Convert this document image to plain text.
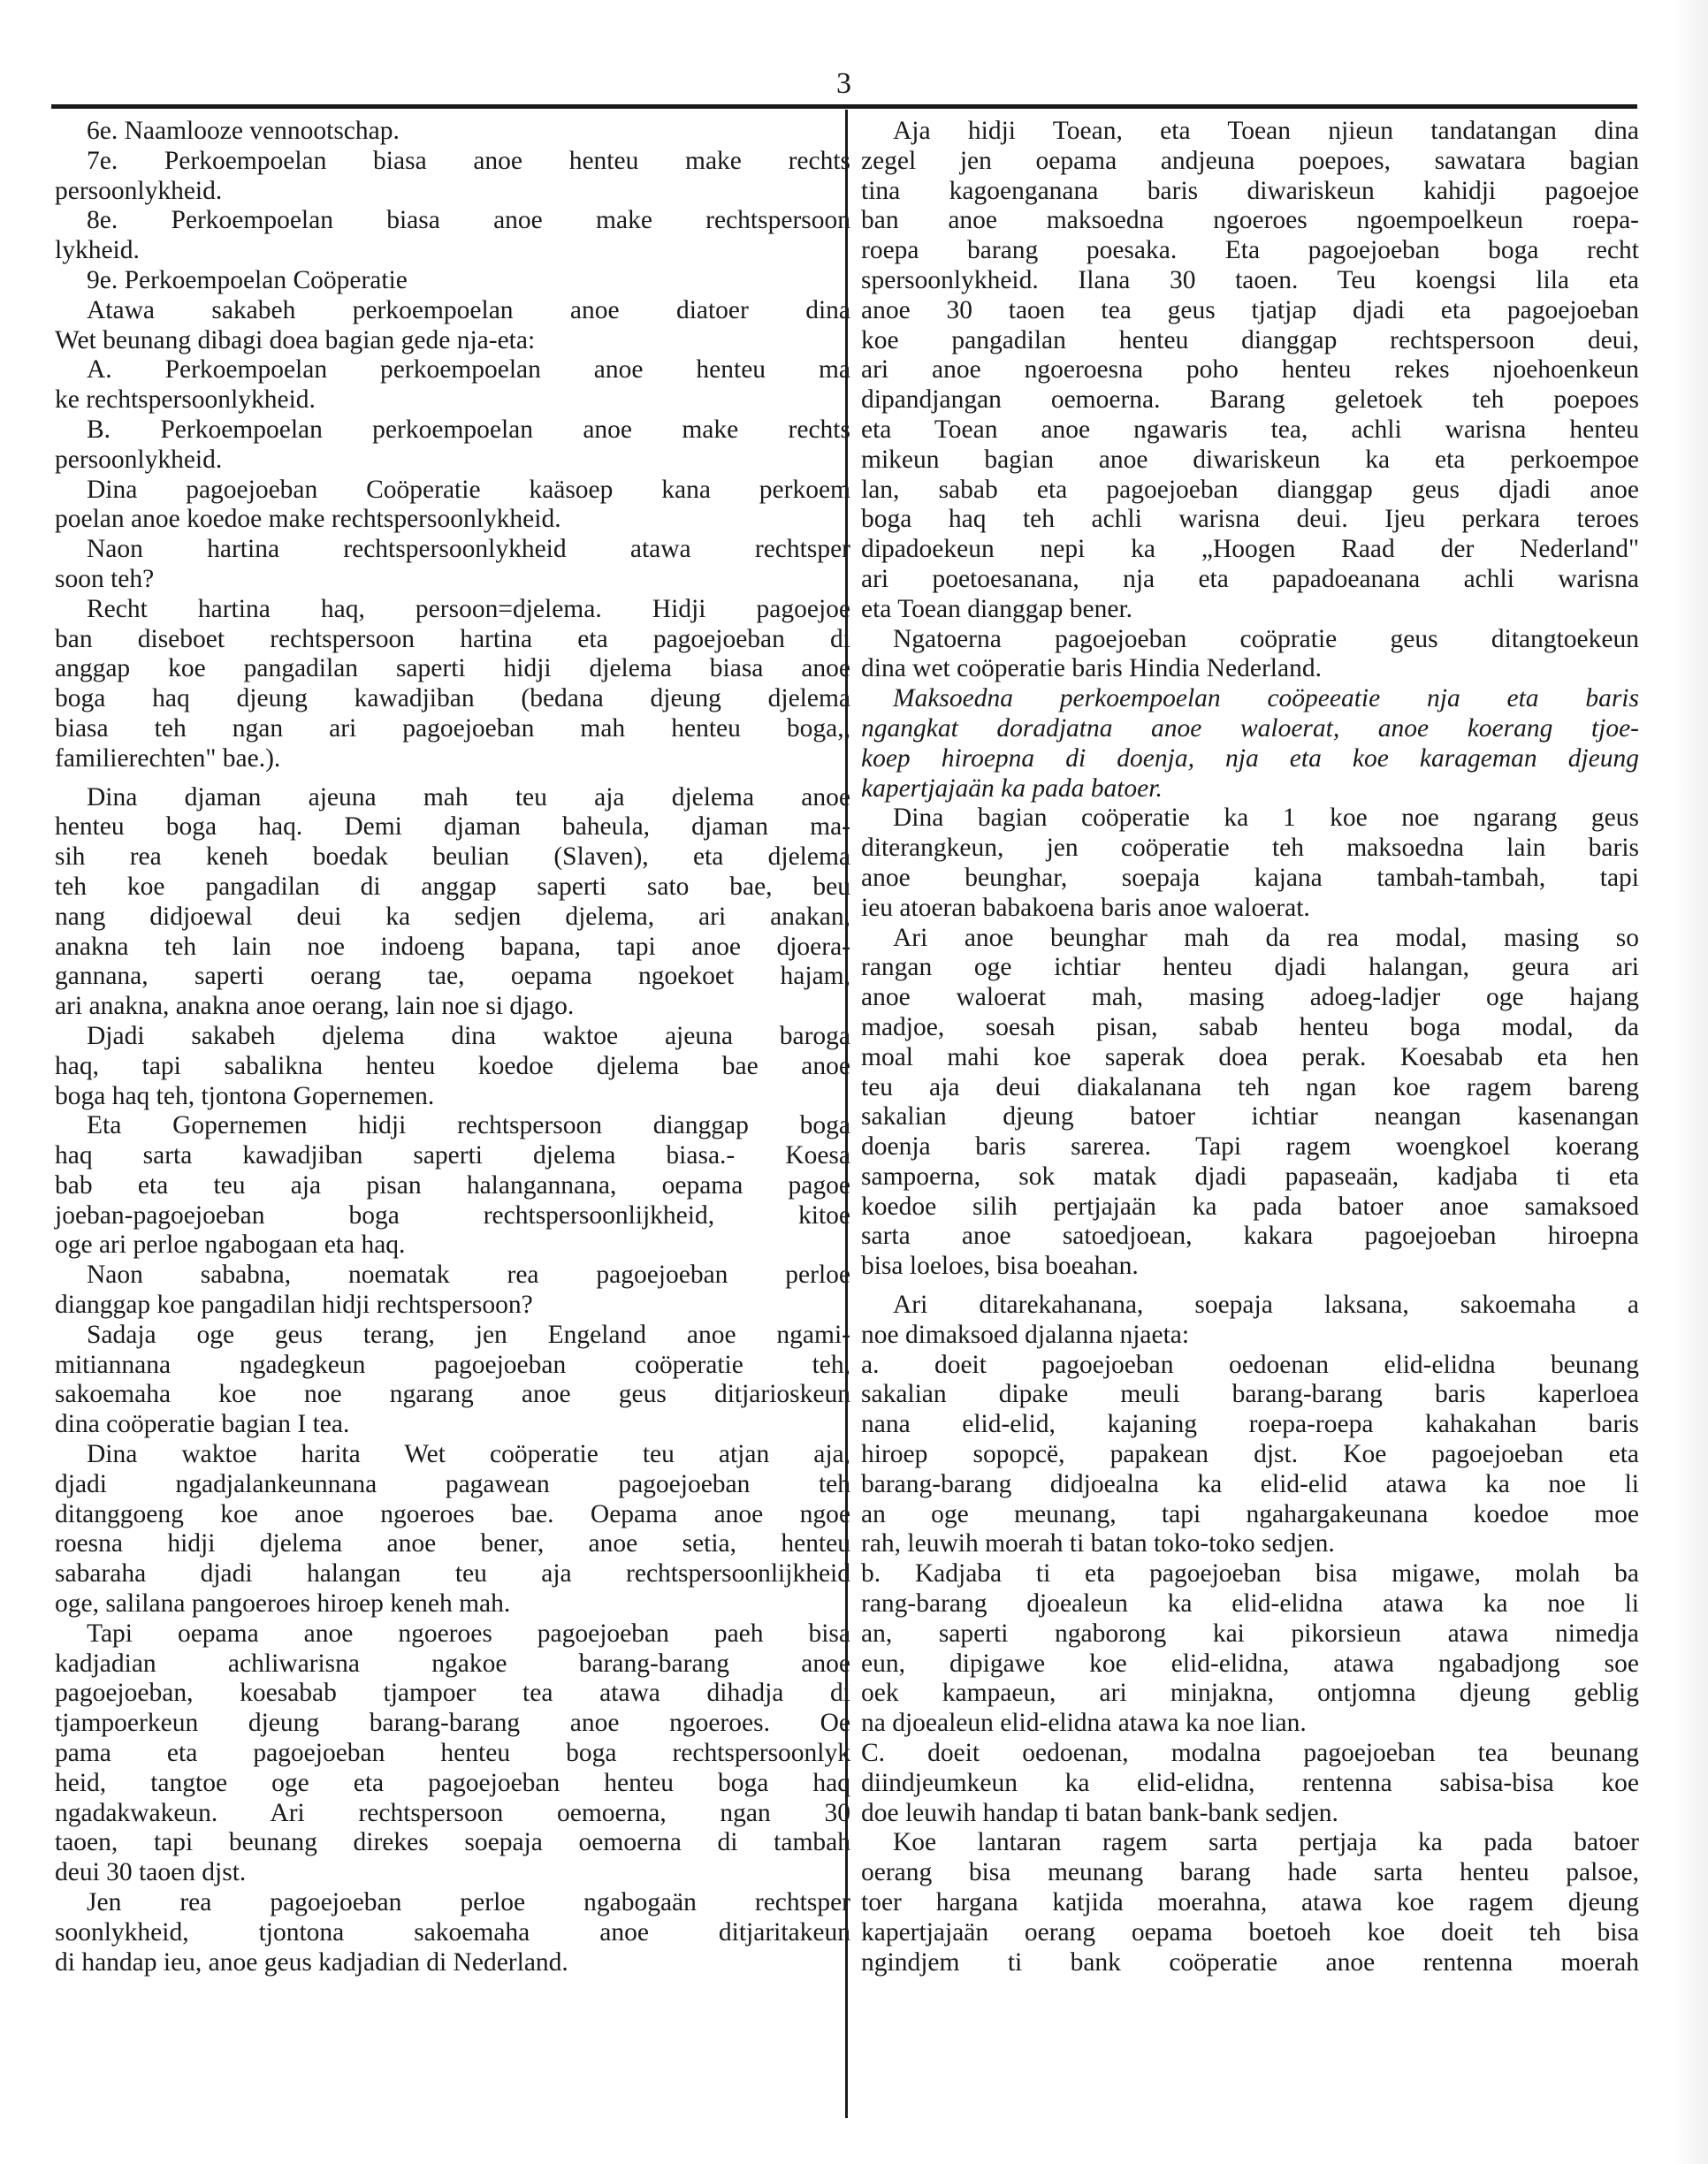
3
6e. Naamlooze vennootschap.
7e. Perkoempoelan biasa anoe henteu make rechts
persoonlykheid.
8e. Perkoempoelan biasa anoe make rechtspersoon
lykheid.
9e. Perkoempoelan Coöperatie
Atawa sakabeh perkoempoelan anoe diatoer dina
Wet beunang dibagi doea bagian gede nja-eta:
A. Perkoempoelan perkoempoelan anoe henteu ma
ke rechtspersoonlykheid.
B. Perkoempoelan perkoempoelan anoe make rechts
persoonlykheid.
Dina pagoejoeban Coöperatie kaäsoep kana perkoem
poelan anoe koedoe make rechtspersoonlykheid.
Naon hartina rechtspersoonlykheid atawa rechtsper
soon teh?
Recht hartina haq, persoon=djelema. Hidji pagoejoe
ban diseboet rechtspersoon hartina eta pagoejoeban di
anggap koe pangadilan saperti hidji djelema biasa anoe
boga haq djeung kawadjiban (bedana djeung djelema
biasa teh ngan ari pagoejoeban mah henteu boga,,
familierechten" bae.).
Dina djaman ajeuna mah teu aja djelema anoe
henteu boga haq. Demi djaman baheula, djaman ma-
sih rea keneh boedak beulian (Slaven), eta djelema
teh koe pangadilan di anggap saperti sato bae, beu
nang didjoewal deui ka sedjen djelema, ari anakan,
anakna teh lain noe indoeng bapana, tapi anoe djoera-
gannana, saperti oerang tae, oepama ngoekoet hajam,
ari anakna, anakna anoe oerang, lain noe si djago.
Djadi sakabeh djelema dina waktoe ajeuna baroga
haq, tapi sabalikna henteu koedoe djelema bae anoe
boga haq teh, tjontona Gopernemen.
Eta Gopernemen hidji rechtspersoon dianggap boga
haq sarta kawadjiban saperti djelema biasa.- Koesa
bab eta teu aja pisan halangannana, oepama pagoe
joeban-pagoejoeban boga rechtspersoonlijkheid, kitoe
oge ari perloe ngabogaan eta haq.
Naon sababna, noematak rea pagoejoeban perloe
dianggap koe pangadilan hidji rechtspersoon?
Sadaja oge geus terang, jen Engeland anoe ngami-
mitiannana ngadegkeun pagoejoeban coöperatie teh,
sakoemaha koe noe ngarang anoe geus ditjarioskeun
dina coöperatie bagian I tea.
Dina waktoe harita Wet coöperatie teu atjan aja,
djadi ngadjalankeunnana pagawean pagoejoeban teh
ditanggoeng koe anoe ngoeroes bae. Oepama anoe ngoe
roesna hidji djelema anoe bener, anoe setia, henteu
sabaraha djadi halangan teu aja rechtspersoonlijkheid
oge, salilana pangoeroes hiroep keneh mah.
Tapi oepama anoe ngoeroes pagoejoeban paeh bisa
kadjadian achliwarisna ngakoe barang-barang anoe
pagoejoeban, koesabab tjampoer tea atawa dihadja di
tjampoerkeun djeung barang-barang anoe ngoeroes. Oe
pama eta pagoejoeban henteu boga rechtspersoonlyk
heid, tangtoe oge eta pagoejoeban henteu boga haq
ngadakwakeun. Ari rechtspersoon oemoerna, ngan 30
taoen, tapi beunang direkes soepaja oemoerna di tambah
deui 30 taoen djst.
Jen rea pagoejoeban perloe ngabogaän rechtsper
soonlykheid, tjontona sakoemaha anoe ditjaritakeun
di handap ieu, anoe geus kadjadian di Nederland.
Aja hidji Toean, eta Toean njieun tandatangan dina
zegel jen oepama andjeuna poepoes, sawatara bagian
tina kagoenganana baris diwariskeun kahidji pagoejoe
ban anoe maksoedna ngoeroes ngoempoelkeun roepa-
roepa barang poesaka. Eta pagoejoeban boga recht
spersoonlykheid. Ilana 30 taoen. Teu koengsi lila eta
anoe 30 taoen tea geus tjatjap djadi eta pagoejoeban
koe pangadilan henteu dianggap rechtspersoon deui,
ari anoe ngoeroesna poho henteu rekes njoehoenkeun
dipandjangan oemoerna. Barang geletoek teh poepoes
eta Toean anoe ngawaris tea, achli warisna henteu
mikeun bagian anoe diwariskeun ka eta perkoempoe
lan, sabab eta pagoejoeban dianggap geus djadi anoe
boga haq teh achli warisna deui. Ijeu perkara teroes
dipadoekeun nepi ka „Hoogen Raad der Nederland"
ari poetoesanana, nja eta papadoeanana achli warisna
eta Toean dianggap bener.
Ngatoerna pagoejoeban coöpratie geus ditangtoekeun
dina wet coöperatie baris Hindia Nederland.
Maksoedna perkoempoelan coöpeeatie nja eta baris
ngangkat doradjatna anoe waloerat, anoe koerang tjoe-
koep hiroepna di doenja, nja eta koe karageman djeung
kapertjajaän ka pada batoer.
Dina bagian coöperatie ka 1 koe noe ngarang geus
diterangkeun, jen coöperatie teh maksoedna lain baris
anoe beunghar, soepaja kajana tambah-tambah, tapi
ieu atoeran babakoena baris anoe waloerat.
Ari anoe beunghar mah da rea modal, masing so
rangan oge ichtiar henteu djadi halangan, geura ari
anoe waloerat mah, masing adoeg-ladjer oge hajang
madjoe, soesah pisan, sabab henteu boga modal, da
moal mahi koe saperak doea perak. Koesabab eta hen
teu aja deui diakalanana teh ngan koe ragem bareng
sakalian djeung batoer ichtiar neangan kasenangan
doenja baris sarerea. Tapi ragem woengkoel koerang
sampoerna, sok matak djadi papaseaän, kadjaba ti eta
koedoe silih pertjajaän ka pada batoer anoe samaksoed
sarta anoe satoedjoean, kakara pagoejoeban hiroepna
bisa loeloes, bisa boeahan.
Ari ditarekahanana, soepaja laksana, sakoemaha a
noe dimaksoed djalanna njaeta:
a. doeit pagoejoeban oedoenan elid-elidna beunang
sakalian dipake meuli barang-barang baris kaperloea
nana elid-elid, kajaning roepa-roepa kahakahan baris
hiroep sopopcë, papakean djst. Koe pagoejoeban eta
barang-barang didjoealna ka elid-elid atawa ka noe li
an oge meunang, tapi ngahargakeunana koedoe moe
rah, leuwih moerah ti batan toko-toko sedjen.
b. Kadjaba ti eta pagoejoeban bisa migawe, molah ba
rang-barang djoealeun ka elid-elidna atawa ka noe li
an, saperti ngaborong kai pikorsieun atawa nimedja
eun, dipigawe koe elid-elidna, atawa ngabadjong soe
oek kampaeun, ari minjakna, ontjomna djeung geblig
na djoealeun elid-elidna atawa ka noe lian.
C. doeit oedoenan, modalna pagoejoeban tea beunang
diindjeumkeun ka elid-elidna, rentenna sabisa-bisa koe
doe leuwih handap ti batan bank-bank sedjen.
Koe lantaran ragem sarta pertjaja ka pada batoer
oerang bisa meunang barang hade sarta henteu palsoe,
toer hargana katjida moerahna, atawa koe ragem djeung
kapertjajaän oerang oepama boetoeh koe doeit teh bisa
ngindjem ti bank coöperatie anoe rentenna moerah
